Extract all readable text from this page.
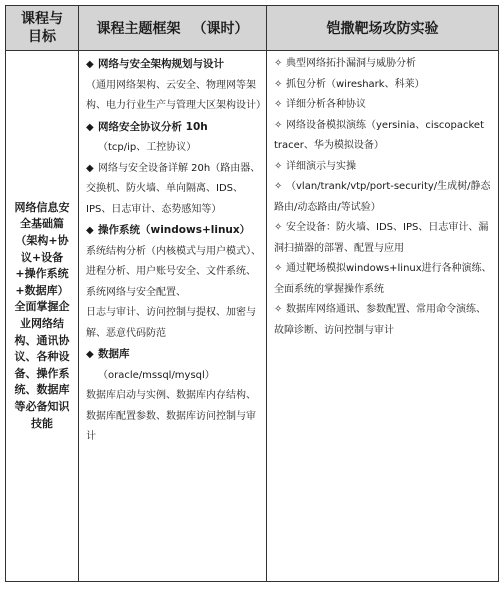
课程与
目标	课程主题框架 （课时）	铠撒靶场攻防实验
网络信息安全基础篇（架构+协议+设备+操作系统+数据库）全面掌握企业网络结构、通讯协议、各种设备、操作系统、数据库等必备知识技能
◆ 网络与安全架构规划与设计
（通用网络架构、云安全、物理网等架构、电力行业生产与管理大区架构设计）
◆ 网络安全协议分析 10h
（tcp/ip、工控协议）
◆ 网络与安全设备详解 20h（路由器、交换机、防火墙、单向隔离、IDS、IPS、日志审计、态势感知等）
◆ 操作系统（windows+linux）
系统结构分析（内核模式与用户模式）、进程分析、用户账号安全、文件系统、系统网络与安全配置、
日志与审计、访问控制与提权、加密与解、恶意代码防范
◆ 数据库
（oracle/mssql/mysql）
数据库启动与实例、数据库内存结构、数据库配置参数、数据库访问控制与审计
✧ 典型网络拓扑漏洞与威胁分析
✧ 抓包分析（wireshark、科莱）
✧ 详细分析各种协议
✧ 网络设备模拟演练（yersinia、ciscopacket tracer、华为模拟设备）
✧ 详细演示与实操
✧ （vlan/trank/vtp/port-security/生成树/静态路由/动态路由/等试验）
✧ 安全设备：防火墙、IDS、IPS、日志审计、漏洞扫描器的部署、配置与应用
✧ 通过靶场模拟windows+linux进行各种演练、全面系统的掌握操作系统
✧ 数据库网络通讯、参数配置、常用命令演练、故障诊断、访问控制与审计
